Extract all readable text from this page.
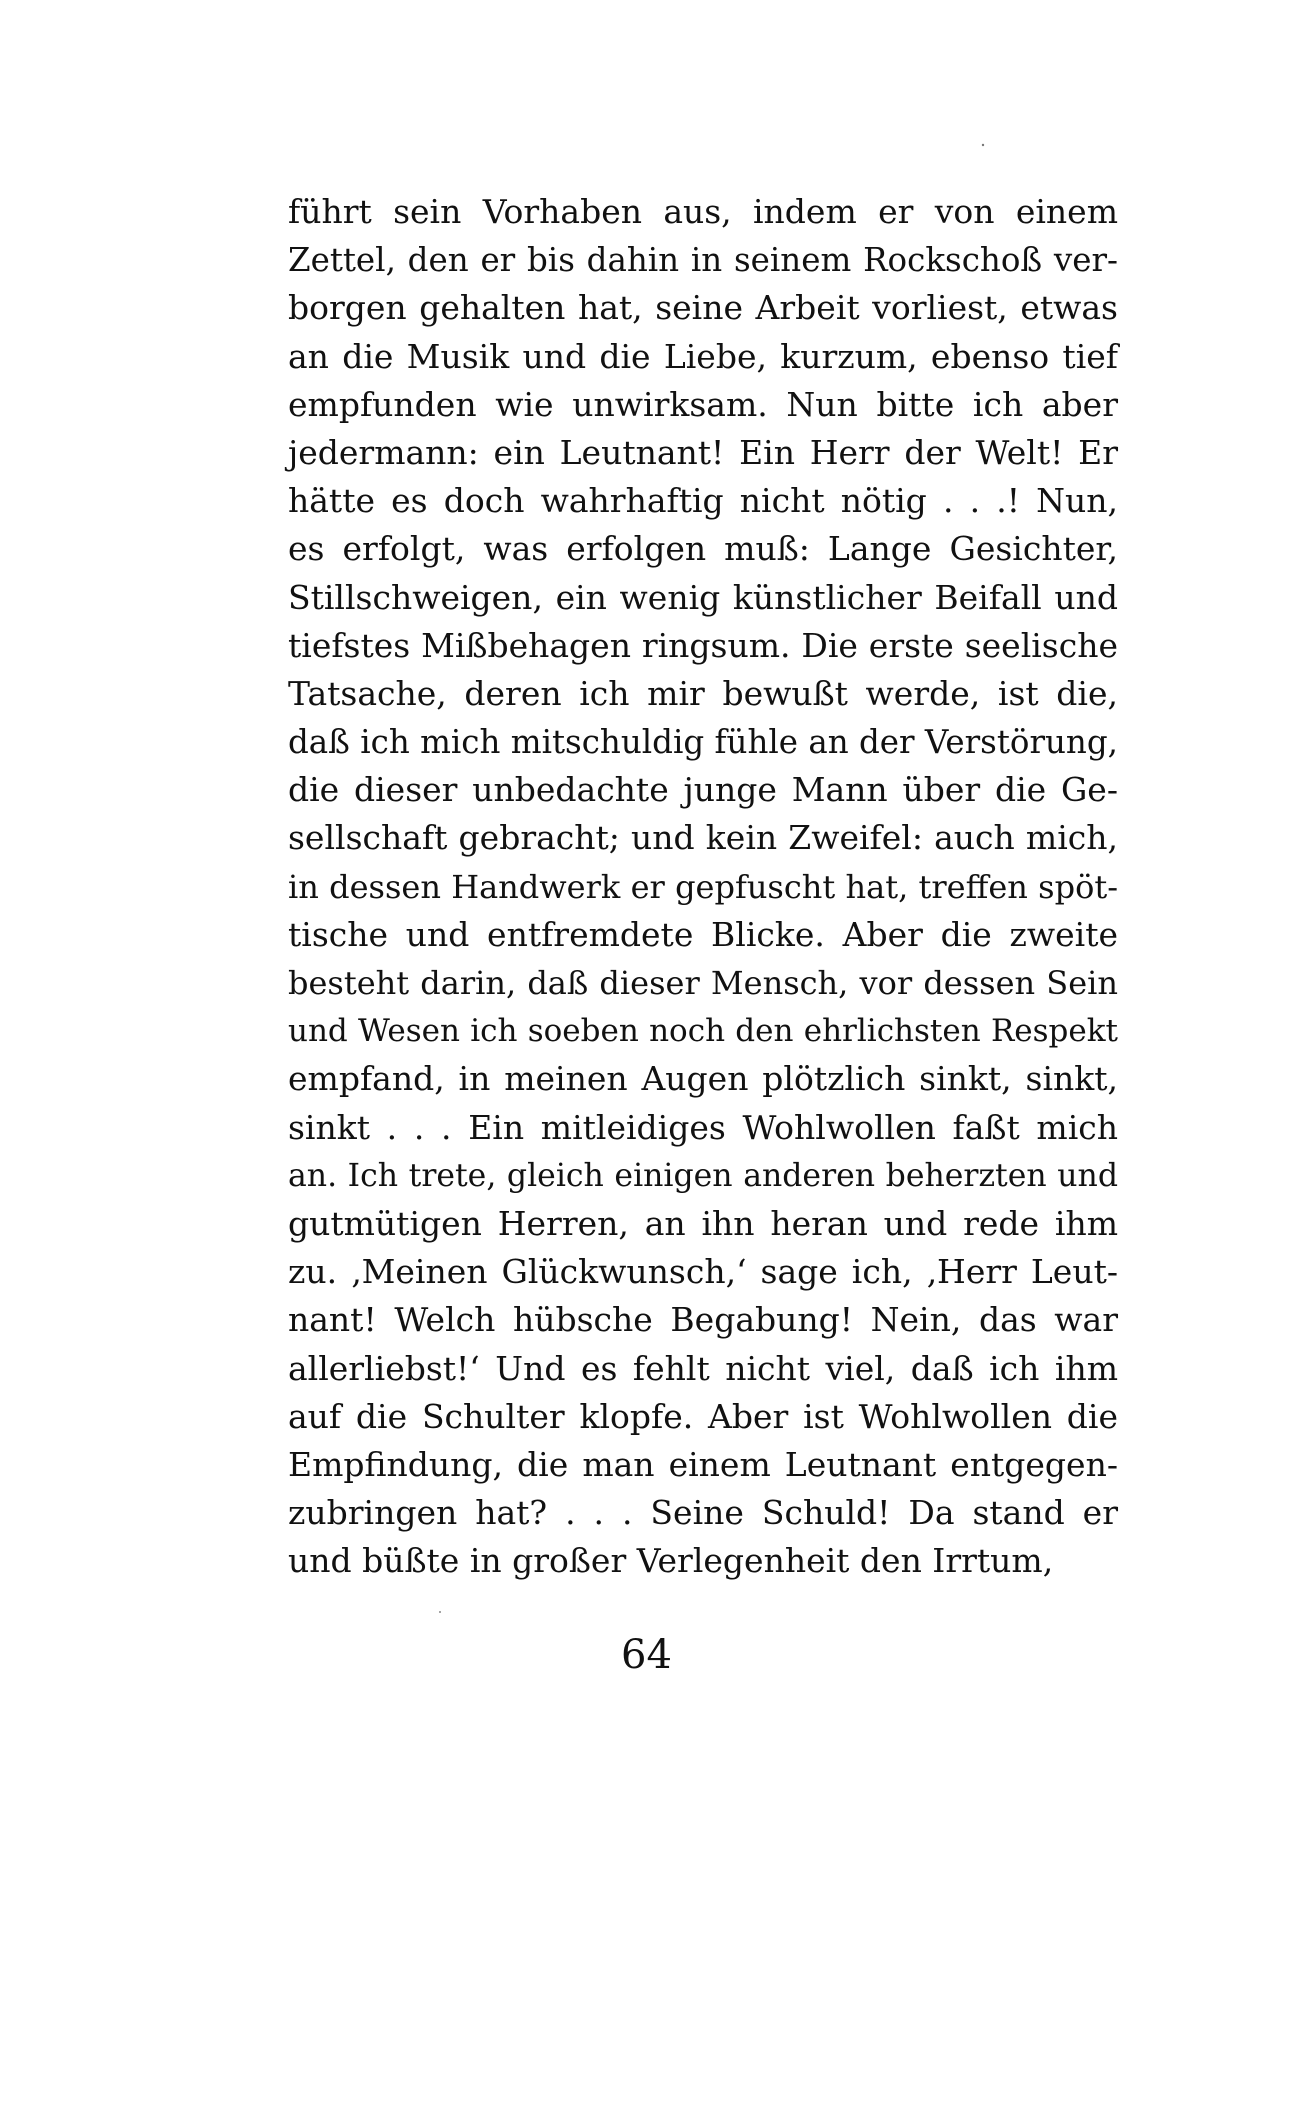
führt sein Vorhaben aus, indem er von einem
Zettel, den er bis dahin in seinem Rockschoß ver-
borgen gehalten hat, seine Arbeit vorliest, etwas
an die Musik und die Liebe, kurzum, ebenso tief
empfunden wie unwirksam. Nun bitte ich aber
jedermann: ein Leutnant! Ein Herr der Welt! Er
hätte es doch wahrhaftig nicht nötig . . .! Nun,
es erfolgt, was erfolgen muß: Lange Gesichter,
Stillschweigen, ein wenig künstlicher Beifall und
tiefstes Mißbehagen ringsum. Die erste seelische
Tatsache, deren ich mir bewußt werde, ist die,
daß ich mich mitschuldig fühle an der Verstörung,
die dieser unbedachte junge Mann über die Ge-
sellschaft gebracht; und kein Zweifel: auch mich,
in dessen Handwerk er gepfuscht hat, treffen spöt-
tische und entfremdete Blicke. Aber die zweite
besteht darin, daß dieser Mensch, vor dessen Sein
und Wesen ich soeben noch den ehrlichsten Respekt
empfand, in meinen Augen plötzlich sinkt, sinkt,
sinkt . . . Ein mitleidiges Wohlwollen faßt mich
an. Ich trete, gleich einigen anderen beherzten und
gutmütigen Herren, an ihn heran und rede ihm
zu. ‚Meinen Glückwunsch,‘ sage ich, ‚Herr Leut-
nant! Welch hübsche Begabung! Nein, das war
allerliebst!‘ Und es fehlt nicht viel, daß ich ihm
auf die Schulter klopfe. Aber ist Wohlwollen die
Empfindung, die man einem Leutnant entgegen-
zubringen hat? . . . Seine Schuld! Da stand er
und büßte in großer Verlegenheit den Irrtum,
64
